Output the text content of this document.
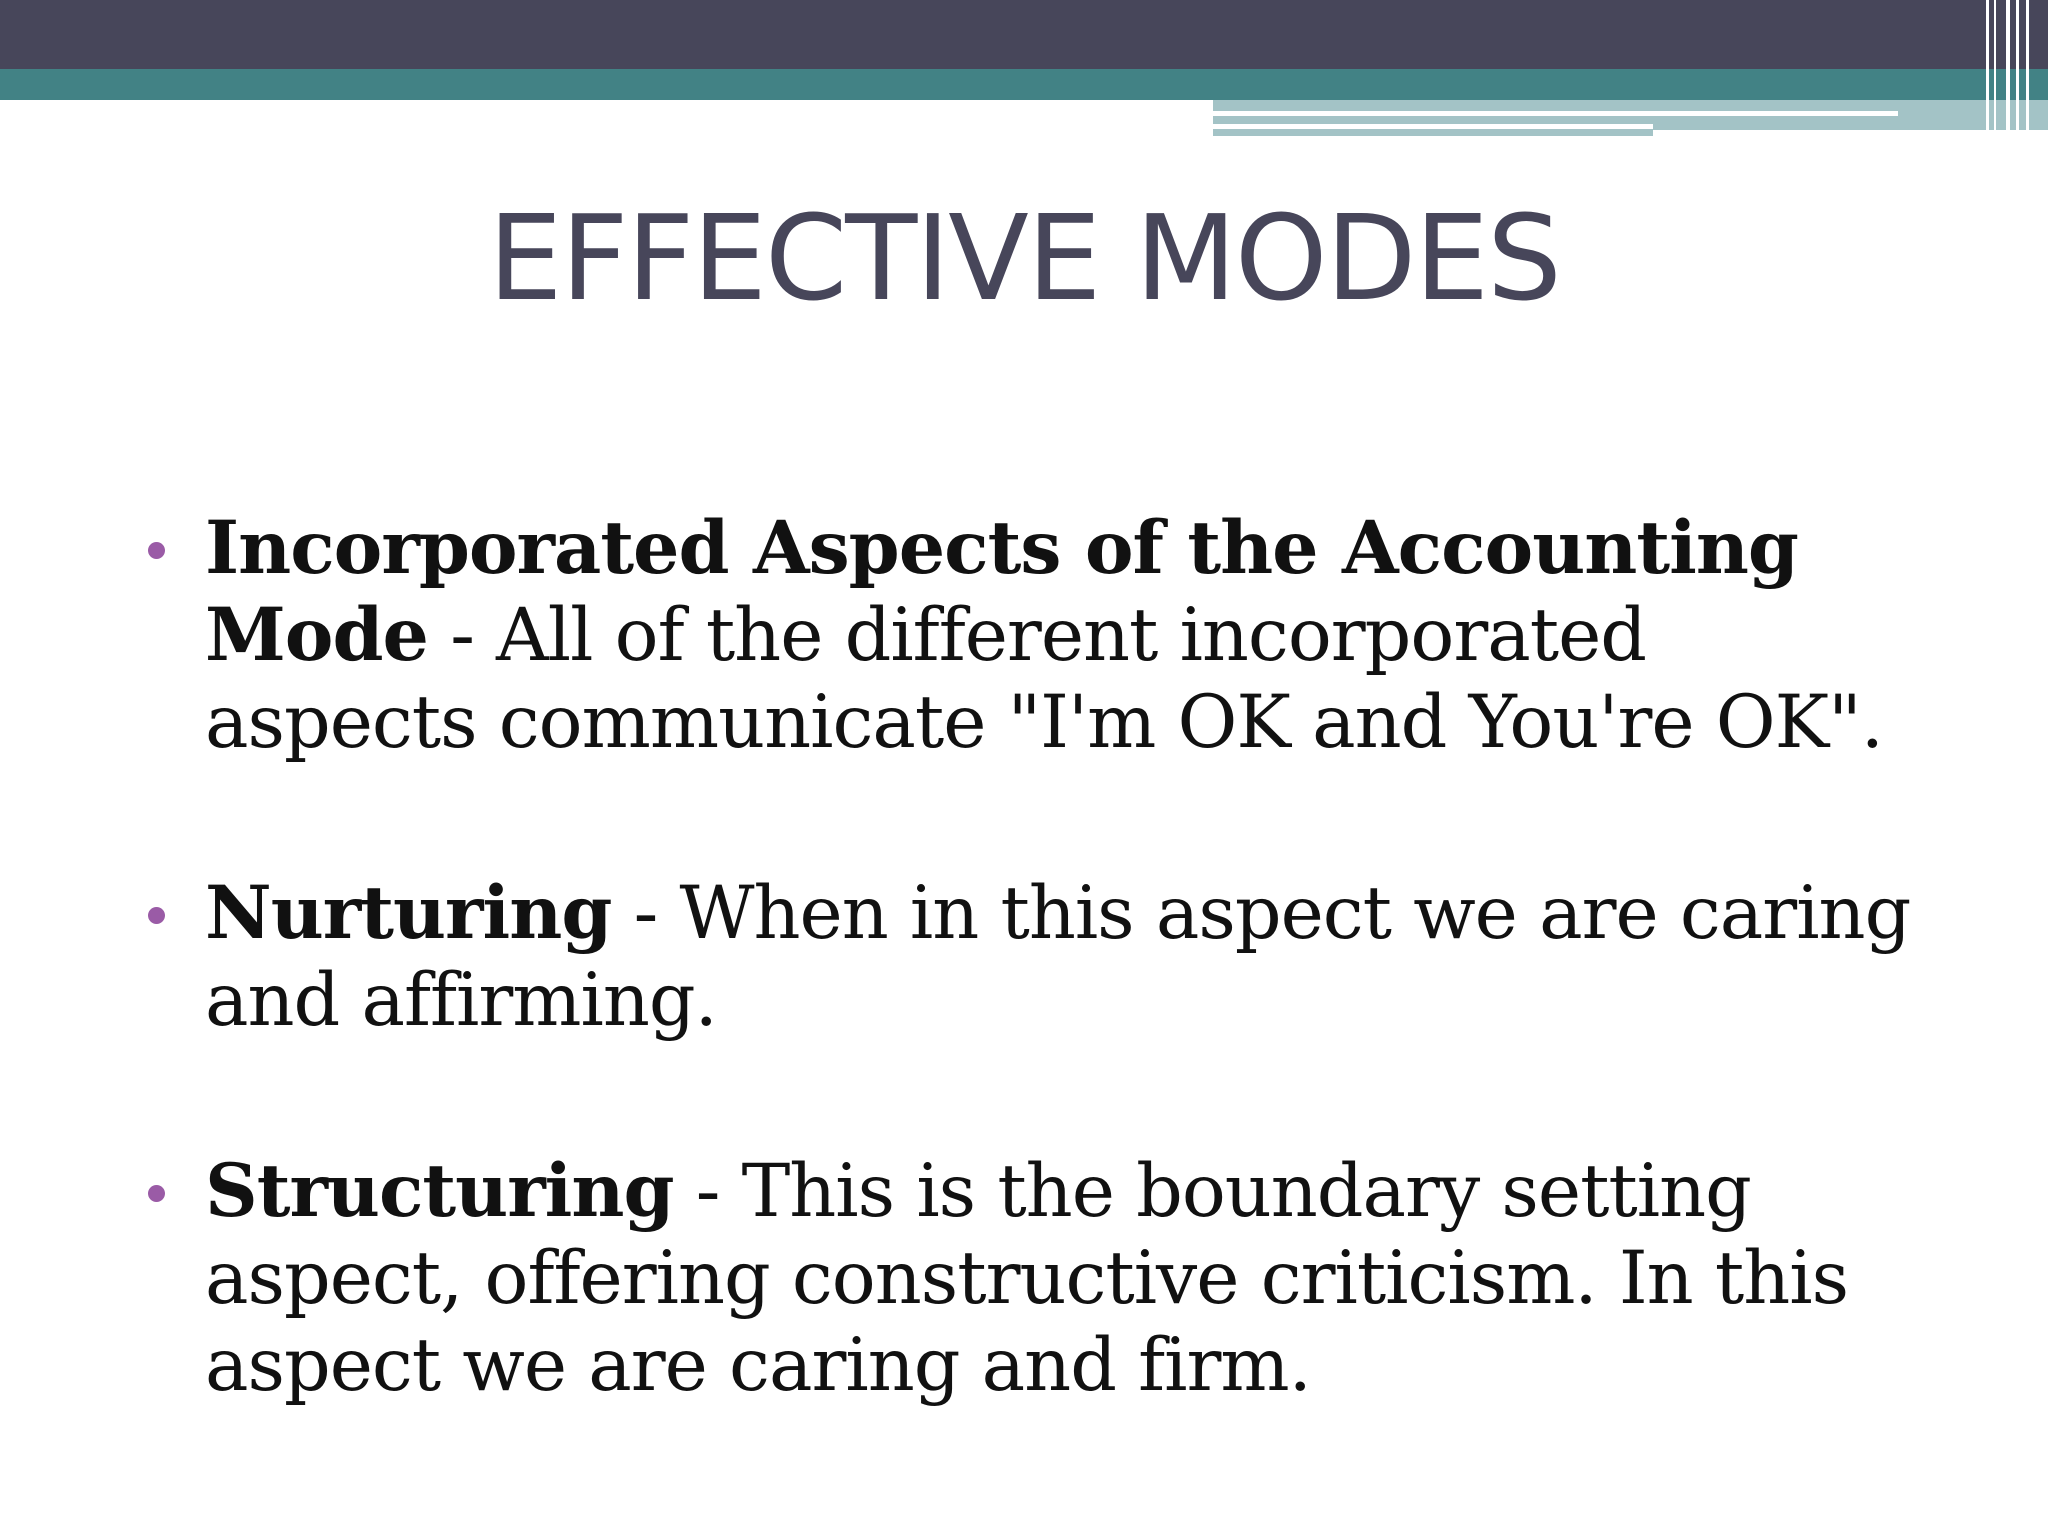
EFFECTIVE MODES
Incorporated Aspects of the Accounting Mode - All of the different incorporated aspects communicate "I'm OK and You're OK".
Nurturing - When in this aspect we are caring and affirming.
Structuring - This is the boundary setting aspect, offering constructive criticism. In this aspect we are caring and firm.
